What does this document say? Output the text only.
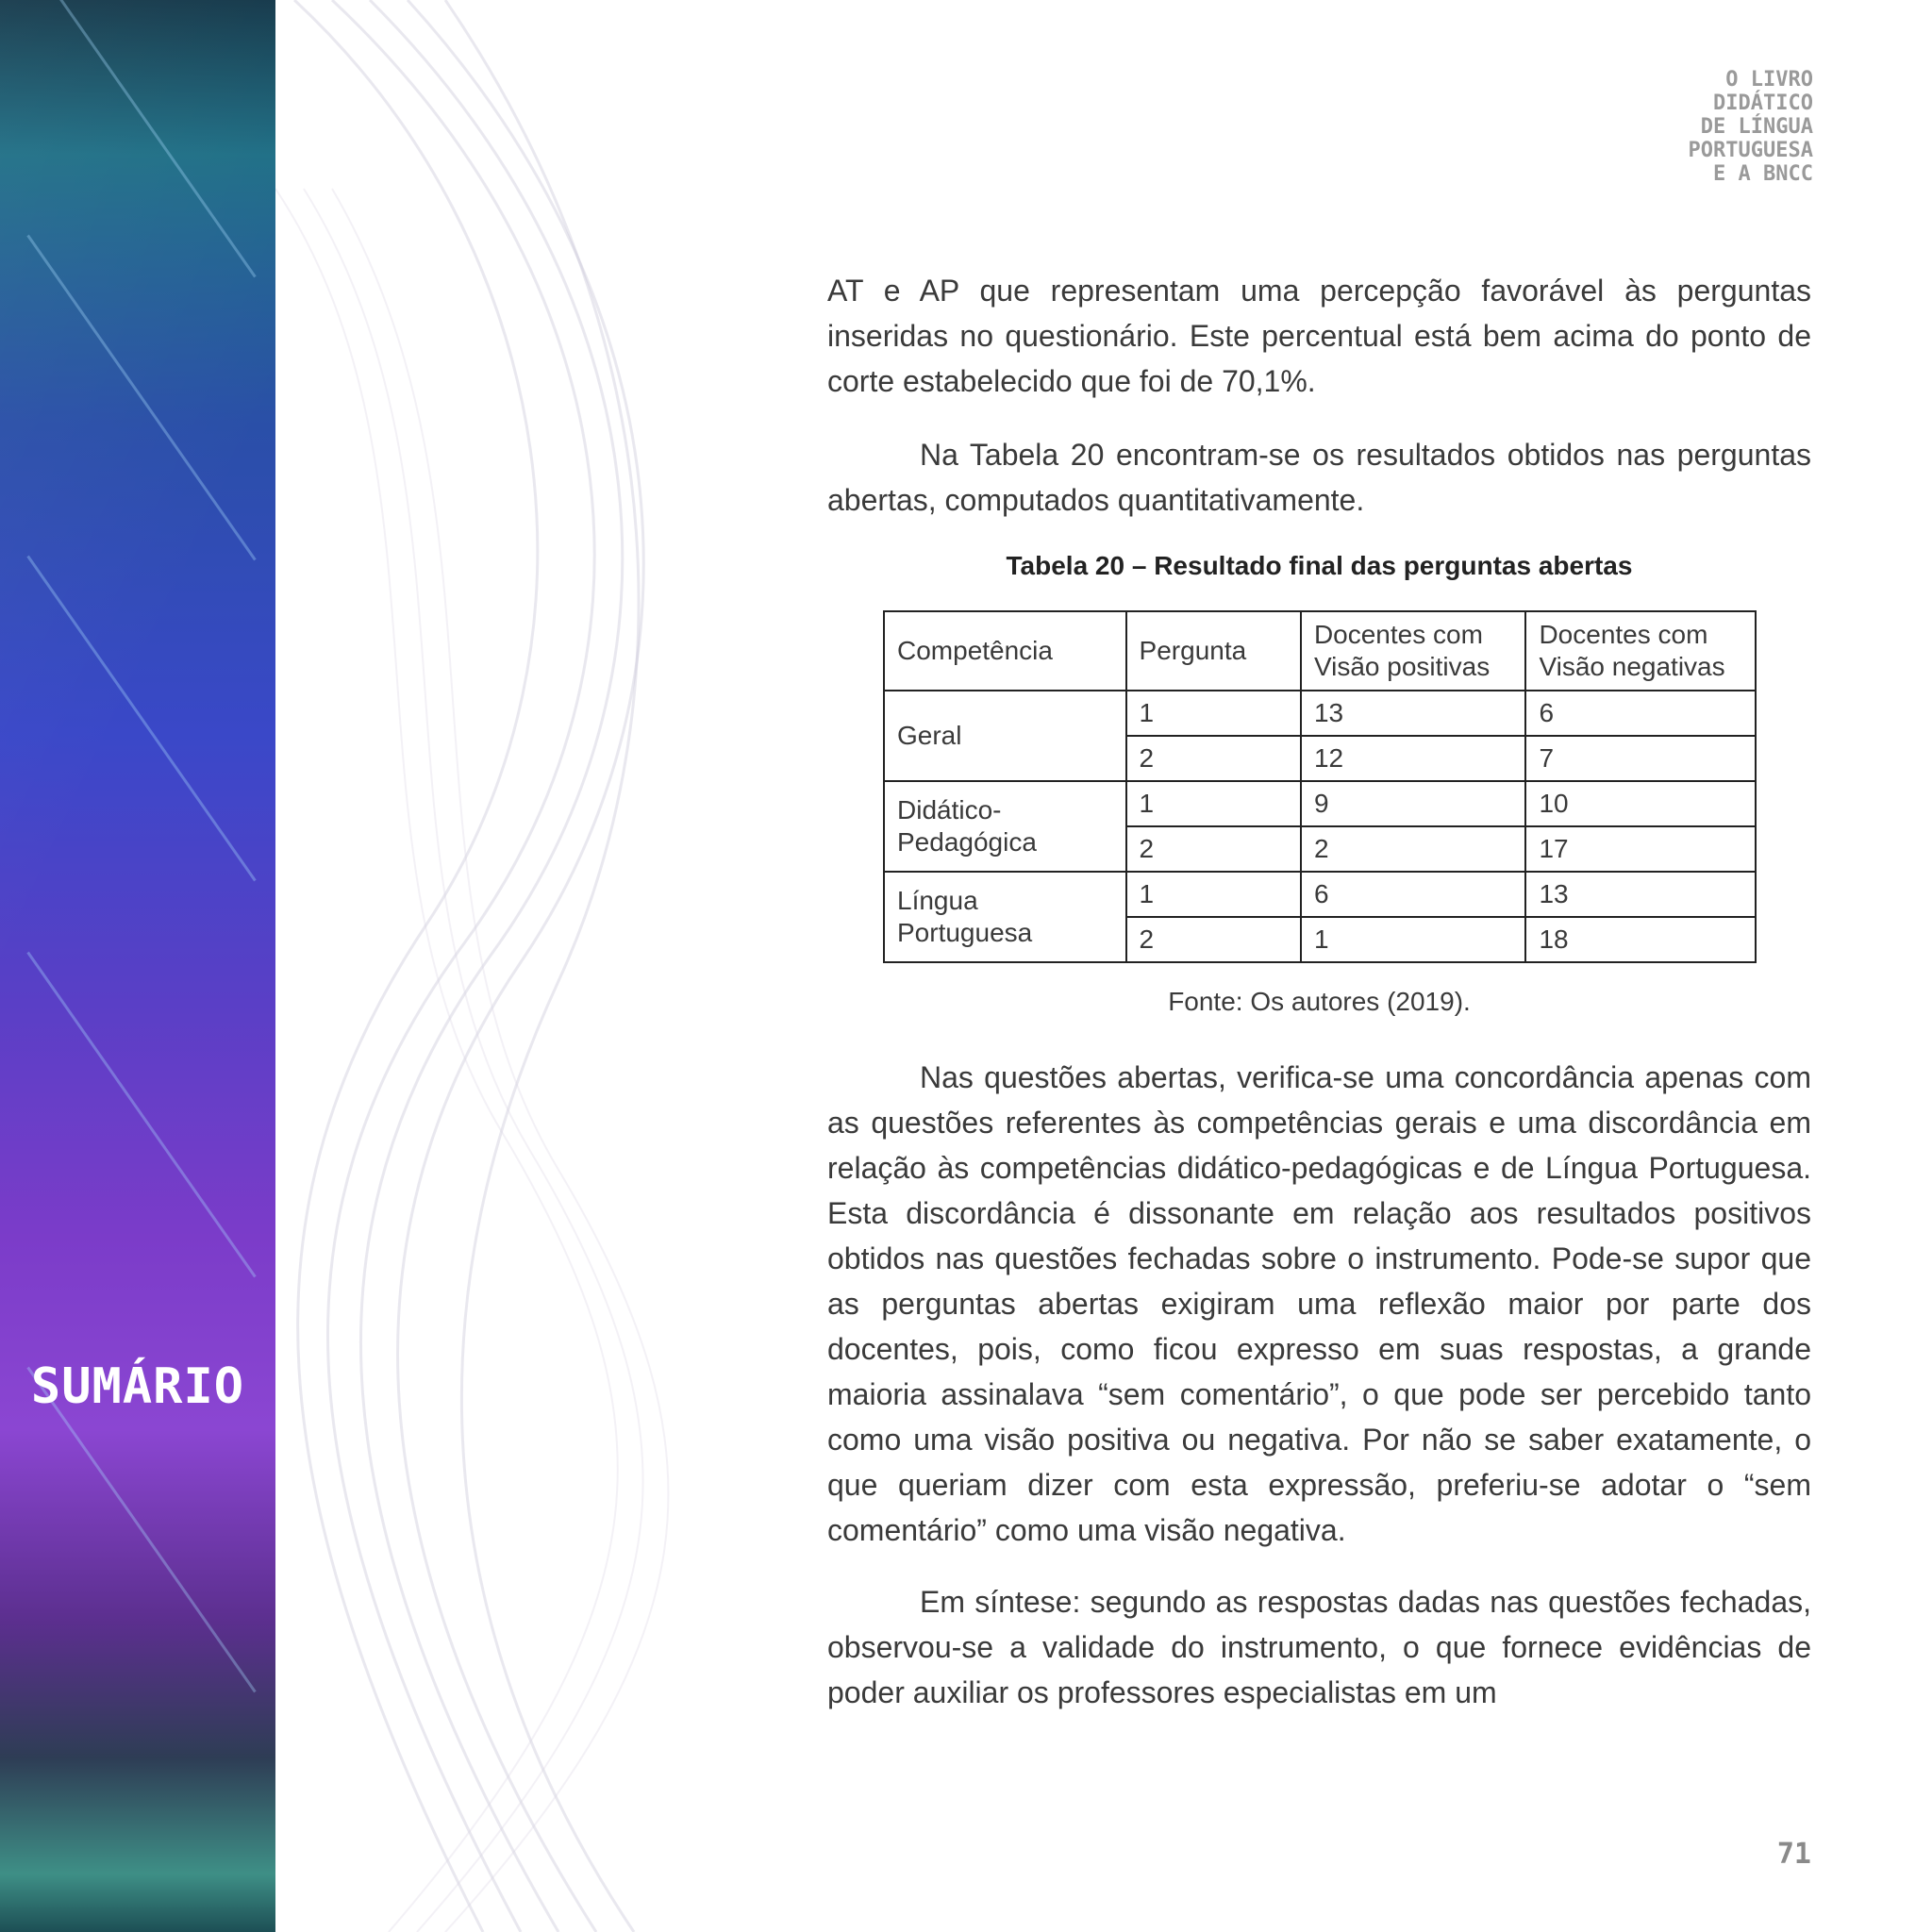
SUMÁRIO
O LIVRO
DIDÁTICO
DE LÍNGUA
PORTUGUESA
E A BNCC

AT e AP que representam uma percepção favorável às perguntas inseridas no questionário. Este percentual está bem acima do ponto de corte estabelecido que foi de 70,1%.

Na Tabela 20 encontram-se os resultados obtidos nas perguntas abertas, computados quantitativamente.

Tabela 20 – Resultado final das perguntas abertas
Competência	Pergunta	Docentes com Visão positivas	Docentes com Visão negativas
Geral	1	13	6
	2	12	7
Didático-Pedagógica	1	9	10
	2	2	17
Língua Portuguesa	1	6	13
	2	1	18
Fonte: Os autores (2019).

Nas questões abertas, verifica-se uma concordância apenas com as questões referentes às competências gerais e uma discordância em relação às competências didático-pedagógicas e de Língua Portuguesa. Esta discordância é dissonante em relação aos resultados positivos obtidos nas questões fechadas sobre o instrumento. Pode-se supor que as perguntas abertas exigiram uma reflexão maior por parte dos docentes, pois, como ficou expresso em suas respostas, a grande maioria assinalava “sem comentário”, o que pode ser percebido tanto como uma visão positiva ou negativa. Por não se saber exatamente, o que queriam dizer com esta expressão, preferiu-se adotar o “sem comentário” como uma visão negativa.

Em síntese: segundo as respostas dadas nas questões fechadas, observou-se a validade do instrumento, o que fornece evidências de poder auxiliar os professores especialistas em um

71
